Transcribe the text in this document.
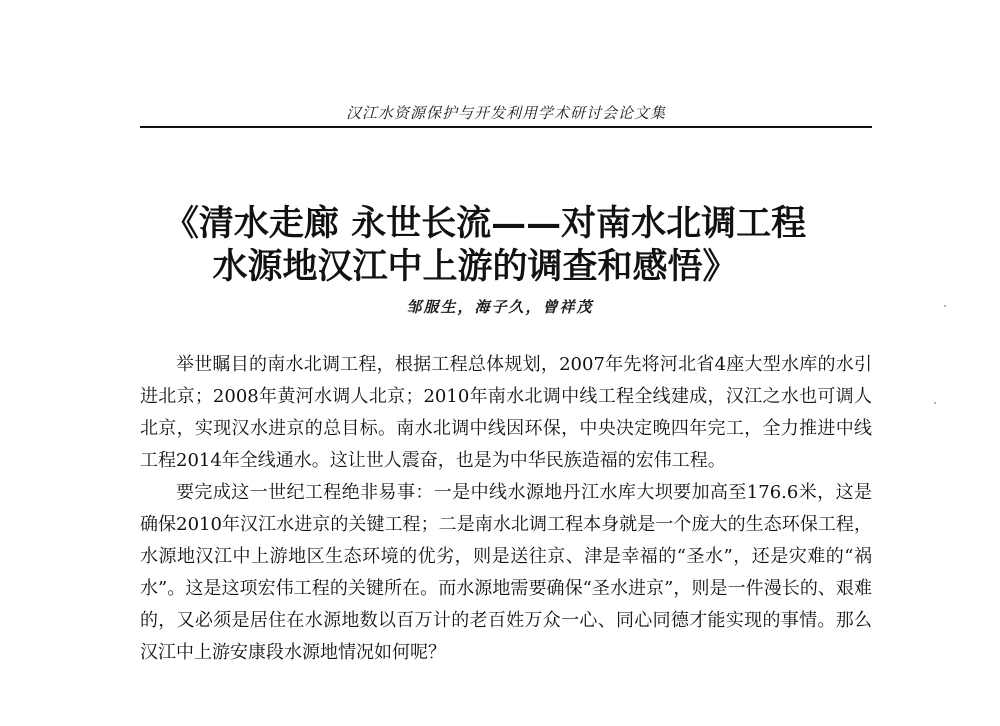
汉江水资源保护与开发利用学术研讨会论文集
《清水走廊 永世长流——对南水北调工程
水源地汉江中上游的调查和感悟》
邹服生，海子久，曾祥茂

举世瞩目的南水北调工程，根据工程总体规划，2007年先将河北省4座大型水库的水引进北京；2008年黄河水调人北京；2010年南水北调中线工程全线建成，汉江之水也可调人北京，实现汉水进京的总目标。南水北调中线因环保，中央决定晚四年完工，全力推进中线工程2014年全线通水。这让世人震奋，也是为中华民族造福的宏伟工程。

要完成这一世纪工程绝非易事：一是中线水源地丹江水库大坝要加高至176.6米，这是确保2010年汉江水进京的关键工程；二是南水北调工程本身就是一个庞大的生态环保工程，水源地汉江中上游地区生态环境的优劣，则是送往京、津是幸福的“圣水”，还是灾难的“祸水”。这是这项宏伟工程的关键所在。而水源地需要确保“圣水进京”，则是一件漫长的、艰难的，又必须是居住在水源地数以百万计的老百姓万众一心、同心同德才能实现的事情。那么汉江中上游安康段水源地情况如何呢？
